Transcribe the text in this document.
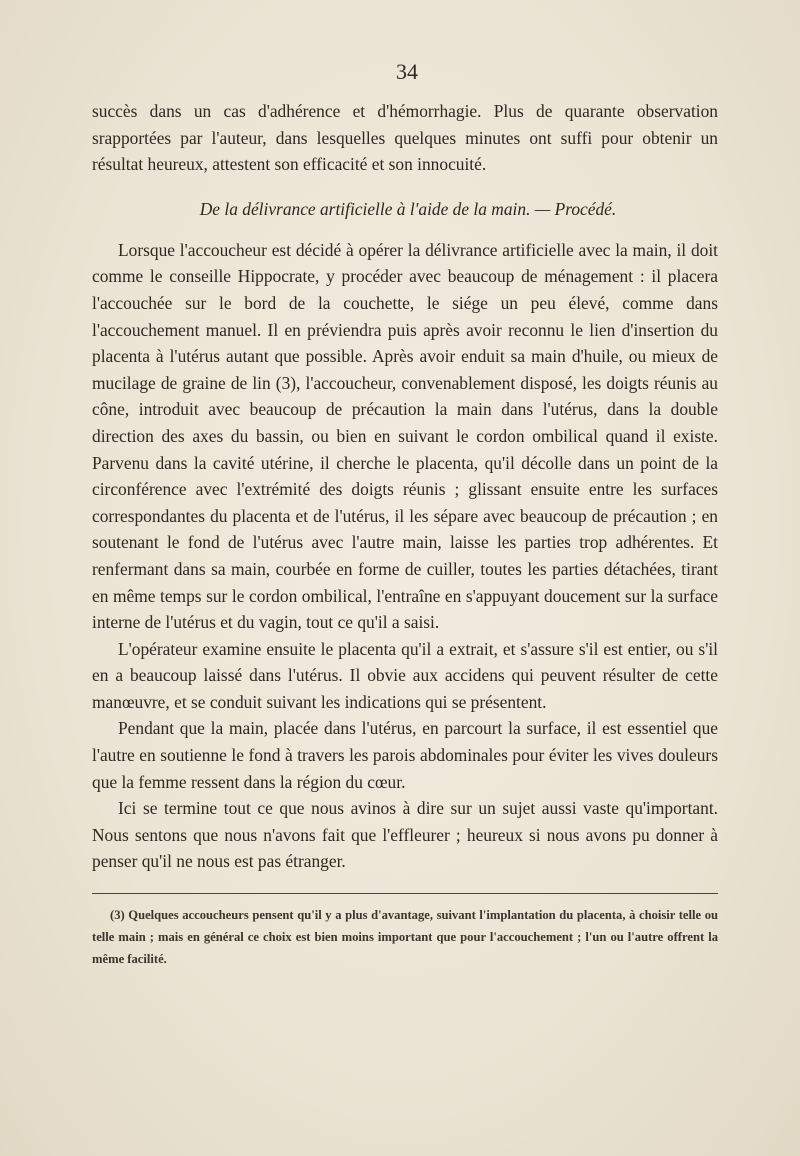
34

succès dans un cas d'adhérence et d'hémorrhagie. Plus de quarante observation srapportées par l'auteur, dans lesquelles quelques minutes ont suffi pour obtenir un résultat heureux, attestent son efficacité et son innocuité.

De la délivrance artificielle à l'aide de la main. — Procédé.

Lorsque l'accoucheur est décidé à opérer la délivrance artificielle avec la main, il doit comme le conseille Hippocrate, y procéder avec beaucoup de ménagement : il placera l'accouchée sur le bord de la couchette, le siége un peu élevé, comme dans l'accouchement manuel. Il en préviendra puis après avoir reconnu le lien d'insertion du placenta à l'utérus autant que possible. Après avoir enduit sa main d'huile, ou mieux de mucilage de graine de lin (3), l'accoucheur, convenablement disposé, les doigts réunis au cône, introduit avec beaucoup de précaution la main dans l'utérus, dans la double direction des axes du bassin, ou bien en suivant le cordon ombilical quand il existe. Parvenu dans la cavité utérine, il cherche le placenta, qu'il décolle dans un point de la circonférence avec l'extrémité des doigts réunis ; glissant ensuite entre les surfaces correspondantes du placenta et de l'utérus, il les sépare avec beaucoup de précaution ; en soutenant le fond de l'utérus avec l'autre main, laisse les parties trop adhérentes. Et renfermant dans sa main, courbée en forme de cuiller, toutes les parties détachées, tirant en même temps sur le cordon ombilical, l'entraîne en s'appuyant doucement sur la surface interne de l'utérus et du vagin, tout ce qu'il a saisi.

L'opérateur examine ensuite le placenta qu'il a extrait, et s'assure s'il est entier, ou s'il en a beaucoup laissé dans l'utérus. Il obvie aux accidens qui peuvent résulter de cette manœuvre, et se conduit suivant les indications qui se présentent.

Pendant que la main, placée dans l'utérus, en parcourt la surface, il est essentiel que l'autre en soutienne le fond à travers les parois abdominales pour éviter les vives douleurs que la femme ressent dans la région du cœur.

Ici se termine tout ce que nous avinos à dire sur un sujet aussi vaste qu'important. Nous sentons que nous n'avons fait que l'effleurer ; heureux si nous avons pu donner à penser qu'il ne nous est pas étranger.

(3) Quelques accoucheurs pensent qu'il y a plus d'avantage, suivant l'implantation du placenta, à choisir telle ou telle main ; mais en général ce choix est bien moins important que pour l'accouchement ; l'un ou l'autre offrent la même facilité.
